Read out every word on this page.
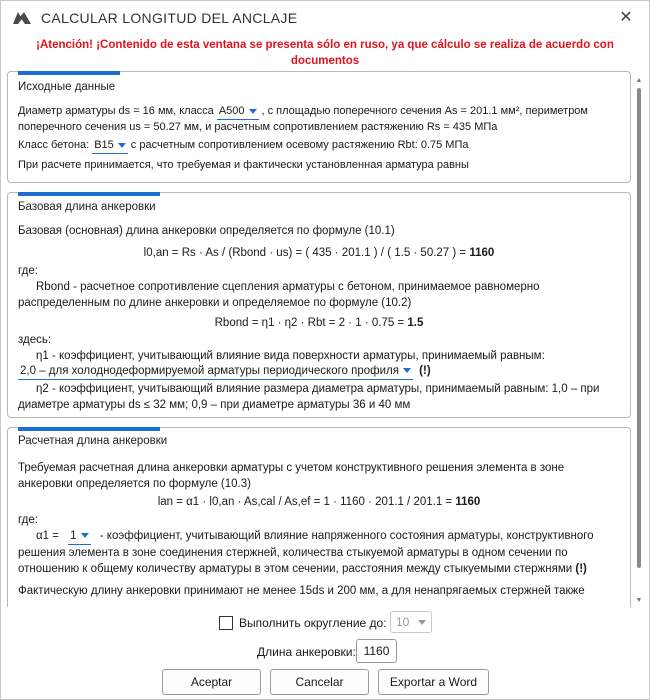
CALCULAR LONGITUD DEL ANCLAJE	✕
¡Atención! ¡Contenido de esta ventana se presenta sólo en ruso, ya que cálculo se realiza de acuerdo con documentos
Исходные данные
Диаметр арматуры ds = 16 мм, класса A500 , с площадью поперечного сечения As = 201.1 мм², периметром
поперечного сечения us = 50.27 мм, и расчетным сопротивлением растяжению Rs = 435 МПа
Класс бетона: B15 с расчетным сопротивлением осевому растяжению Rbt: 0.75 МПа
При расчете принимается, что требуемая и фактически установленная арматура равны
Базовая длина анкеровки
Базовая (основная) длина анкеровки определяется по формуле (10.1)
l0,an = Rs · As / (Rbond · us) = ( 435 · 201.1 ) / ( 1.5 · 50.27 ) = 1160
где:
Rbond - расчетное сопротивление сцепления арматуры с бетоном, принимаемое равномерно
распределенным по длине анкеровки и определяемое по формуле (10.2)
Rbond = η1 · η2 · Rbt = 2 · 1 · 0.75 = 1.5
здесь:
η1 - коэффициент, учитывающий влияние вида поверхности арматуры, принимаемый равным:
2,0 – для холоднодеформируемой арматуры периодического профиля (!)
η2 - коэффициент, учитывающий влияние размера диаметра арматуры, принимаемый равным: 1,0 – при
диаметре арматуры ds ≤ 32 мм; 0,9 – при диаметре арматуры 36 и 40 мм
Расчетная длина анкеровки
Требуемая расчетная длина анкеровки арматуры с учетом конструктивного решения элемента в зоне
анкеровки определяется по формуле (10.3)
lan = α1 · l0,an · As,cal / As,ef = 1 · 1160 · 201.1 / 201.1 = 1160
где:
α1 = 1 - коэффициент, учитывающий влияние напряженного состояния арматуры, конструктивного
решения элемента в зоне соединения стержней, количества стыкуемой арматуры в одном сечении по
отношению к общему количеству арматуры в этом сечении, расстояния между стыкуемыми стержнями (!)
Фактическую длину анкеровки принимают не менее 15ds и 200 мм, а для ненапрягаемых стержней также
▲
▼
Выполнить округление до: 10
Длина анкеровки: 1160
Aceptar	Cancelar	Exportar a Word
